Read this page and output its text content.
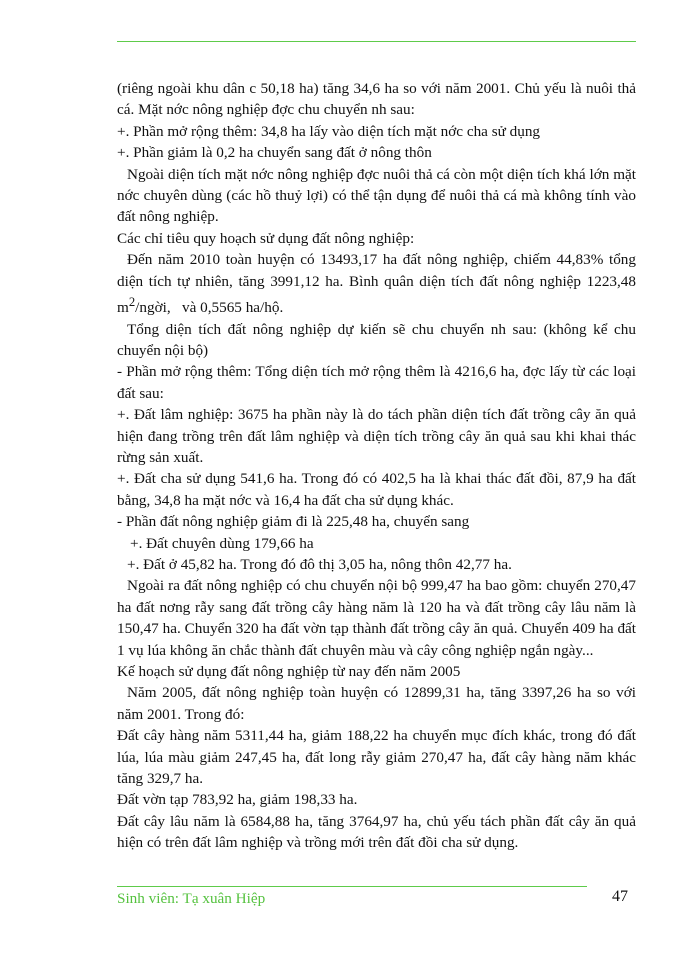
(riêng ngoài khu dân c 50,18 ha) tăng 34,6 ha so với năm 2001. Chủ yếu là nuôi thả cá. Mặt nớc nông nghiệp đợc chu chuyển nh sau:

+. Phần mở rộng thêm: 34,8 ha lấy vào diện tích mặt nớc cha sử dụng

+. Phần giảm là 0,2 ha chuyển sang đất ở nông thôn

Ngoài diện tích mặt nớc nông nghiệp đợc nuôi thả cá còn một diện tích khá lớn mặt nớc chuyên dùng (các hồ thuỷ lợi) có thể tận dụng để nuôi thả cá mà không tính vào đất nông nghiệp.

Các chỉ tiêu quy hoạch sử dụng đất nông nghiệp:

Đến năm 2010 toàn huyện có 13493,17 ha đất nông nghiệp, chiếm 44,83% tổng diện tích tự nhiên, tăng 3991,12 ha. Bình quân diện tích đất nông nghiệp 1223,48 $m^2$/ngời,   và 0,5565 ha/hộ.

Tổng diện tích đất nông nghiệp dự kiến sẽ chu chuyển nh sau: (không kể chu chuyển nội bộ)

- Phần mở rộng thêm: Tổng diện tích mở rộng thêm là 4216,6 ha, đợc lấy từ các loại đất sau:

+. Đất lâm nghiệp: 3675 ha phần này là do tách phần diện tích đất trồng cây ăn quả hiện đang trồng trên đất lâm nghiệp và diện tích trồng cây ăn quả sau khi khai thác rừng sản xuất.

+. Đất cha sử dụng 541,6 ha. Trong đó có 402,5 ha là khai thác đất đồi, 87,9 ha đất bằng, 34,8 ha mặt nớc và 16,4 ha đất cha sử dụng khác.

- Phần đất nông nghiệp giảm đi là 225,48 ha, chuyển sang

+. Đất chuyên dùng 179,66 ha

+. Đất ở 45,82 ha. Trong đó đô thị 3,05 ha, nông thôn 42,77 ha.

Ngoài ra đất nông nghiệp có chu chuyển nội bộ 999,47 ha bao gồm: chuyển 270,47 ha đất nơng rẫy sang đất trồng cây hàng năm là 120 ha và đất trồng cây lâu năm là 150,47 ha. Chuyển 320 ha đất vờn tạp thành đất trồng cây ăn quả. Chuyển 409 ha đất 1 vụ lúa không ăn chắc thành đất chuyên màu và cây công nghiệp ngắn ngày...

Kế hoạch sử dụng đất nông nghiệp từ nay đến năm 2005

Năm 2005, đất nông nghiệp toàn huyện có 12899,31 ha, tăng 3397,26 ha so với năm 2001. Trong đó:

Đất cây hàng năm 5311,44 ha, giảm 188,22 ha chuyển mục đích khác, trong đó đất lúa, lúa màu giảm 247,45 ha, đất long rẫy giảm 270,47 ha, đất cây hàng năm khác tăng 329,7 ha.

Đất vờn tạp 783,92 ha, giảm 198,33 ha.

Đất cây lâu năm là 6584,88 ha, tăng 3764,97 ha, chủ yếu tách phần đất cây ăn quả hiện có trên đất lâm nghiệp và trồng mới trên đất đồi cha sử dụng.

Sinh viên: Tạ xuân Hiệp	47
